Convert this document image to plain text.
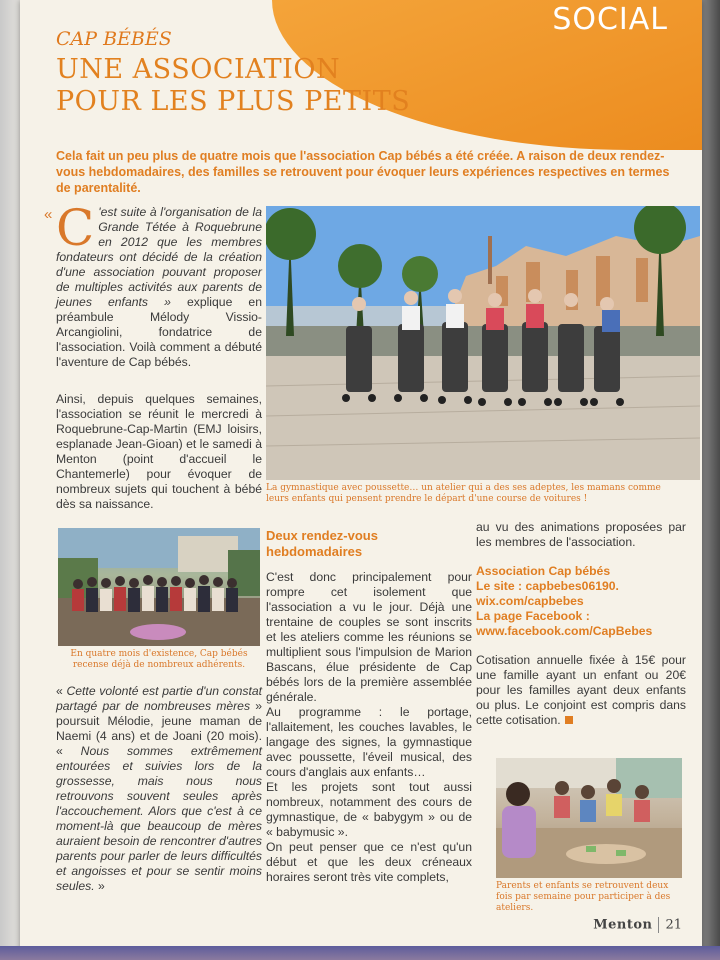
SOCIAL
CAP BÉBÉS
UNE ASSOCIATION
POUR LES PLUS PETITS

Cela fait un peu plus de quatre mois que l'association Cap bébés a été créée. A raison de deux rendez-vous hebdomadaires, des familles se retrouvent pour évoquer leurs expériences respectives en termes de parentalité.

« C 'est suite à l'organisation de la Grande Tétée à Roquebrune en 2012 que les membres fondateurs ont décidé de la création d'une association pouvant proposer de multiples activités aux parents de jeunes enfants » explique en préambule Mélody Vissio-Arcangiolini, fondatrice de l'association. Voilà comment a débuté l'aventure de Cap bébés.

Ainsi, depuis quelques semaines, l'association se réunit le mercredi à Roquebrune-Cap-Martin (EMJ loisirs, esplanade Jean-Gioan) et le samedi à Menton (point d'accueil le Chantemerle) pour évoquer de nombreux sujets qui touchent à bébé dès sa naissance.

En quatre mois d'existence, Cap bébés recense déjà de nombreux adhérents.
« Cette volonté est partie d'un constat partagé par de nombreuses mères » poursuit Mélodie, jeune maman de Naemi (4 ans) et de Joani (20 mois). « Nous sommes extrêmement entourées et suivies lors de la grossesse, mais nous nous retrouvons souvent seules après l'accouchement. Alors que c'est à ce moment-là que beaucoup de mères auraient besoin de rencontrer d'autres parents pour parler de leurs difficultés et angoisses et pour se sentir moins seules. »
La gymnastique avec poussette… un atelier qui a des ses adeptes, les mamans comme leurs enfants qui pensent prendre le départ d'une course de voitures !
Deux rendez-vous hebdomadaires

C'est donc principalement pour rompre cet isolement que l'association a vu le jour. Déjà une trentaine de couples se sont inscrits et les ateliers comme les réunions se multiplient sous l'impulsion de Marion Bascans, élue présidente de Cap bébés lors de la première assemblée générale.

Au programme : le portage, l'allaitement, les couches lavables, le langage des signes, la gymnastique avec poussette, l'éveil musical, des cours d'anglais aux enfants…

Et les projets sont tout aussi nombreux, notamment des cours de gymnastique, de « babygym » ou de « babymusic ».

On peut penser que ce n'est qu'un début et que les deux créneaux horaires seront très vite complets,

au vu des animations proposées par les membres de l'association.

Association Cap bébés
Le site : capbebes06190.
wix.com/capbebes
La page Facebook :
www.facebook.com/CapBebes

Cotisation annuelle fixée à 15€ pour une famille ayant un enfant ou 20€ pour les familles ayant deux enfants ou plus. Le conjoint est compris dans cette cotisation.

Parents et enfants se retrouvent deux fois par semaine pour participer à des ateliers.
Menton 21
